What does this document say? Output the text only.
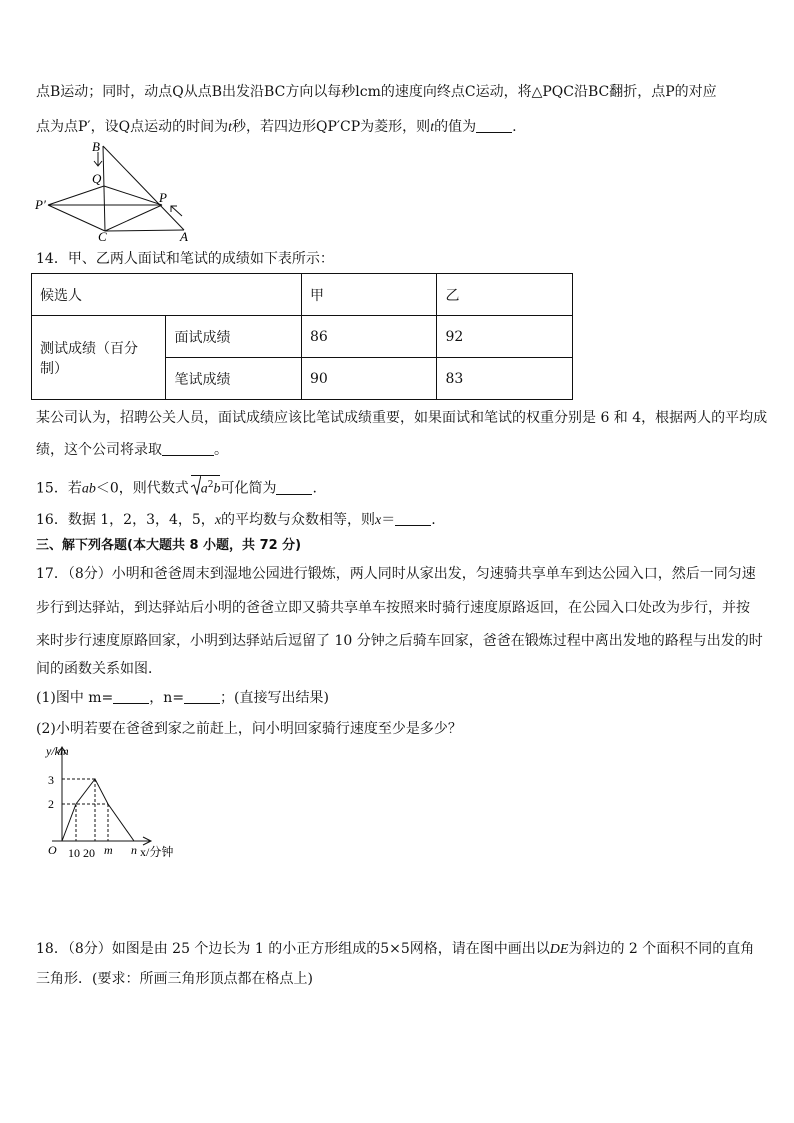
点B运动；同时，动点Q从点B出发沿BC方向以每秒lcm的速度向终点C运动，将△PQC沿BC翻折，点P的对应
点为点P′，设Q点运动的时间为t秒，若四边形QP′CP为菱形，则t的值为	.
B
Q
P′	P
C	A
14．甲、乙两人面试和笔试的成绩如下表所示：
候选人		甲	乙
测试成绩（百分制）	面试成绩	86	92
	笔试成绩	90	83
某公司认为，招聘公关人员，面试成绩应该比笔试成绩重要，如果面试和笔试的权重分别是 6 和 4，根据两人的平均成
绩，这个公司将录取	。
15．若ab＜0，则代数式 $a^2b$可化简为	.
16．数据 1，2，3，4，5，x的平均数与众数相等，则x＝	.
三、解下列各题(本大题共 8 小题，共 72 分)
17．（8分）小明和爸爸周末到湿地公园进行锻炼，两人同时从家出发，匀速骑共享单车到达公园入口，然后一同匀速
步行到达驿站，到达驿站后小明的爸爸立即又骑共享单车按照来时骑行速度原路返回，在公园入口处改为步行，并按
来时步行速度原路回家，小明到达驿站后逗留了 10 分钟之后骑车回家，爸爸在锻炼过程中离出发地的路程与出发的时
间的函数关系如图．
(1)图中 m=	，n=	；(直接写出结果)
(2)小明若要在爸爸到家之前赶上，问小明回家骑行速度至少是多少？
y/km
3
2
O 10 20 m n x/分钟
18．（8分）如图是由 25 个边长为 1 的小正方形组成的5×5网格，请在图中画出以DE为斜边的 2 个面积不同的直角
三角形．(要求：所画三角形顶点都在格点上)
